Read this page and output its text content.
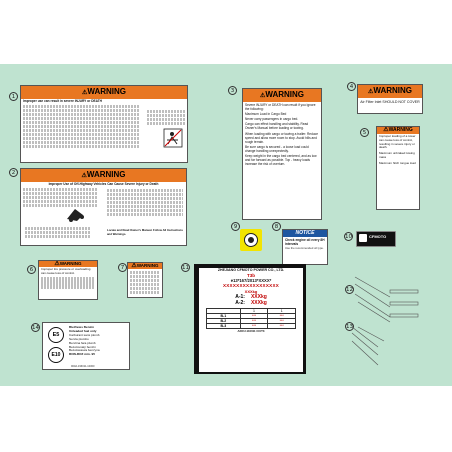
1
2
3
4
5
6	7
8
9
10
11
12
13
14
⚠WARNING
Improper use can result in severe INJURY or DEATH
⚠WARNING
Improper Use of Off-Highway Vehicles Can Cause Severe Injury or Death
Locate and Read Owner's Manual. Follow All Instructions and Warnings.
⚠WARNING
Severe INJURY or DEATH can result if you ignore the following:
Maximum Load in Cargo Bed
Never carry passengers in cargo bed.
Cargo can effect handling and stability. Read Owner's Manual before loading or towing.
When loading with cargo or towing a trailer: Reduce speed and allow more room to stop. Avoid hills and rough terrain.
Be sure cargo is secured - a loose load could change handling unexpectedly.
Keep weight in the cargo bed centered, and as low and far forward as possible. Top - heavy loads increase the risk of overturn.
⚠WARNING
Air Filter Inlet SHOULD NOT COVER
⚠WARNING
Improper loading of a tower can cause loss of control, resulting in severe injury or death.
Maximum unbraked towing mass
Maximum hitch tongue load
⚠WARNING
Improper tire pressure or overloading can cause loss of control.
⚠WARNING
NOTICE
Check engine oil every 8H intervals
Use the recommended oil type.
CFMOTO
ZHEJIANG CFMOTO POWER CO., LTD.
T3b
e13*167/2013*XXXX*
XXXXXXXXXXXXXXXXX
XXXkg
A-1: XXXkg
A-2: XXXkg
	1	1
B-1	***	***
B-2	***	***
B-3	***	***
ADCU-110011 CC/T3
E5
E10
Bleifreies Benzin
Unleaded fuel only
Carburant sans plomb
Senza piombo
Benzina fara plumb
Bezolovnatý benzín
Bezołowiowa benzyna
RON-ROZ min. 95
90A0-196011-10300
